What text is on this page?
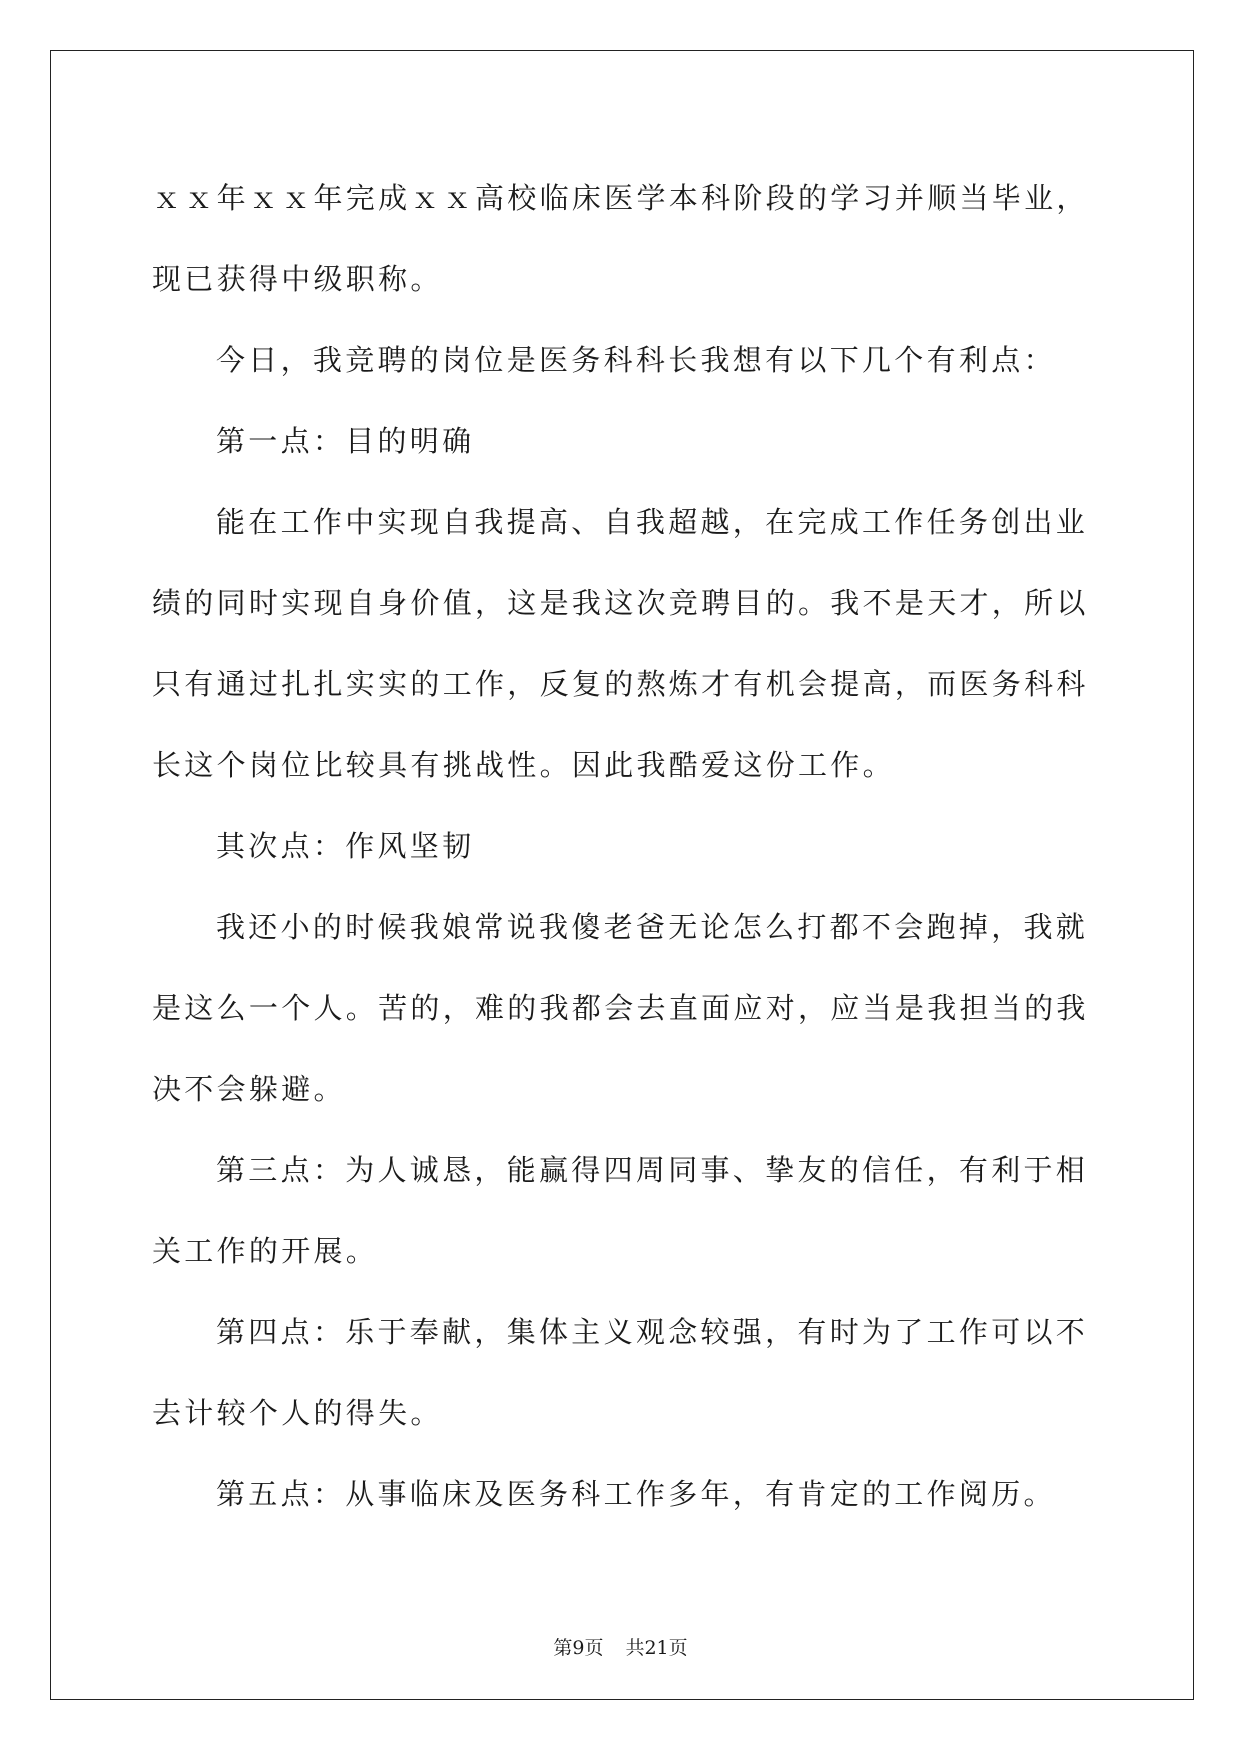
ｘｘ年ｘｘ年完成ｘｘ高校临床医学本科阶段的学习并顺当毕业，现已获得中级职称。

今日，我竞聘的岗位是医务科科长我想有以下几个有利点：

第一点：目的明确

能在工作中实现自我提高、自我超越，在完成工作任务创出业绩的同时实现自身价值，这是我这次竞聘目的。我不是天才，所以只有通过扎扎实实的工作，反复的熬炼才有机会提高，而医务科科长这个岗位比较具有挑战性。因此我酷爱这份工作。

其次点：作风坚韧

我还小的时候我娘常说我傻老爸无论怎么打都不会跑掉，我就是这么一个人。苦的，难的我都会去直面应对，应当是我担当的我决不会躲避。

第三点：为人诚恳，能赢得四周同事、挚友的信任，有利于相关工作的开展。

第四点：乐于奉献，集体主义观念较强，有时为了工作可以不去计较个人的得失。

第五点：从事临床及医务科工作多年，有肯定的工作阅历。

第9页 共21页
